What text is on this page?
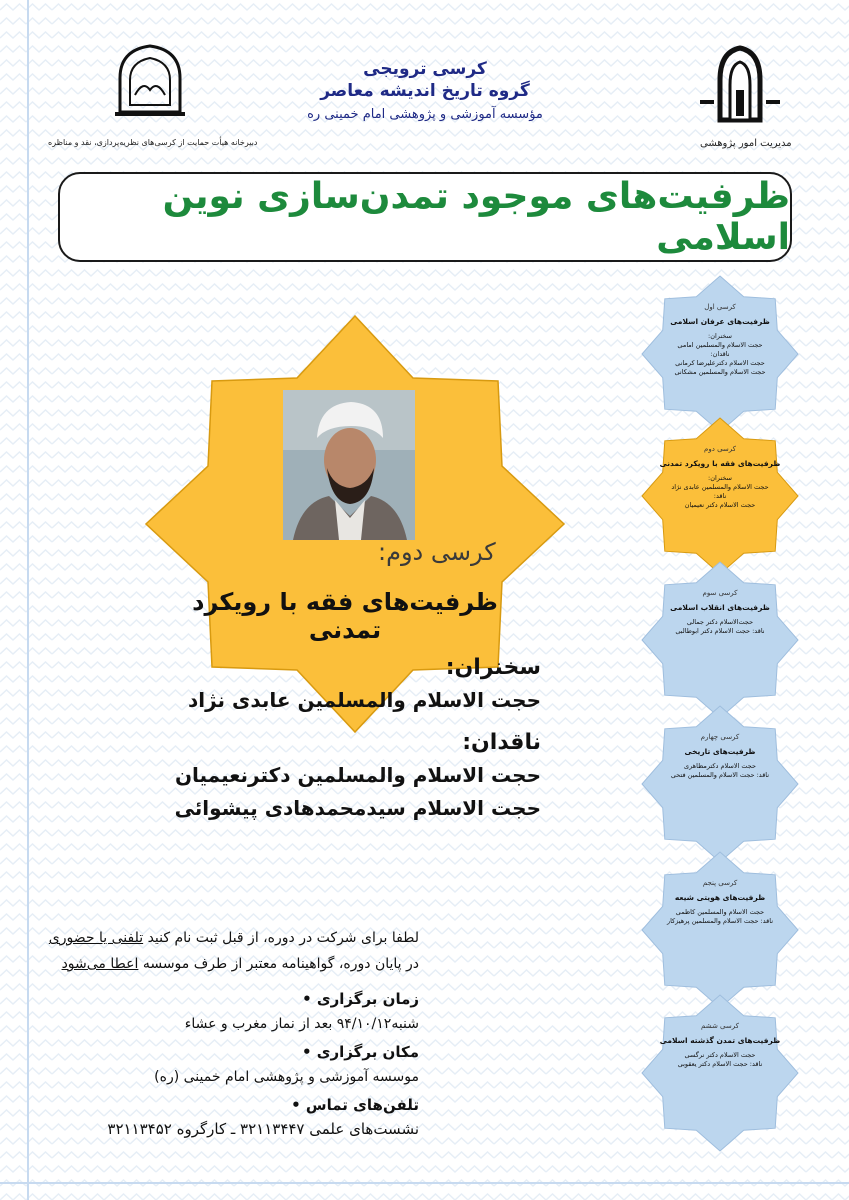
مدیریت امور پژوهشی
دبیرخانه هیأت حمایت از کرسی‌های نظریه‌پردازی، نقد و مناظره
کرسی ترویجی
گروه تاریخ اندیشه معاصر
مؤسسه آموزشی و پژوهشی امام خمینی ره
ظرفیت‌های موجود تمدن‌سازی نوین اسلامی
کرسی دوم:
ظرفیت‌های فقه با رویکرد تمدنی
سخنران:
حجت الاسلام والمسلمین عابدی نژاد
ناقدان:
حجت الاسلام والمسلمین دکترنعیمیان
حجت الاسلام سیدمحمدهادی پیشوائی
کرسی اول
ظرفیت‌های عرفان اسلامی
سخنران:
حجت الاسلام والمسلمین امامی
ناقدان:
حجت الاسلام دکترعلیرضا کرمانی
حجت الاسلام والمسلمین مشکانی
کرسی دوم
ظرفیت‌های فقه با رویکرد تمدنی
سخنران:
حجت الاسلام والمسلمین عابدی نژاد
ناقد:
حجت الاسلام دکتر نعیمیان
کرسی سوم
ظرفیت‌های انقلاب اسلامی
حجت‌الاسلام دکتر جمالی
ناقد: حجت الاسلام دکتر ابوطالبی
کرسی چهارم
ظرفیت‌های تاریخی
حجت الاسلام دکترمظاهری
ناقد: حجت الاسلام والمسلمین فتحی
کرسی پنجم
ظرفیت‌های هویتی شیعه
حجت الاسلام والمسلمین کاظمی
ناقد: حجت الاسلام والمسلمین پرهیزکار
کرسی ششم
ظرفیت‌های تمدن گذشته اسلامی
حجت الاسلام دکتر نرگسی
ناقد: حجت الاسلام دکتر یعقوبی
لطفا برای شرکت در دوره، از قبل ثبت نام کنید تلفنی یا حضوری
در پایان دوره، گواهینامه معتبر از طرف موسسه اعطا می‌شود
زمان برگزاری •
شنبه۹۴/۱۰/۱۲ بعد از نماز مغرب و عشاء
مکان برگزاری •
موسسه آموزشی و پژوهشی امام خمینی (ره)
تلفن‌های تماس •
نشست‌های علمی ۳۲۱۱۳۴۴۷ ـ کارگروه ۳۲۱۱۳۴۵۲
